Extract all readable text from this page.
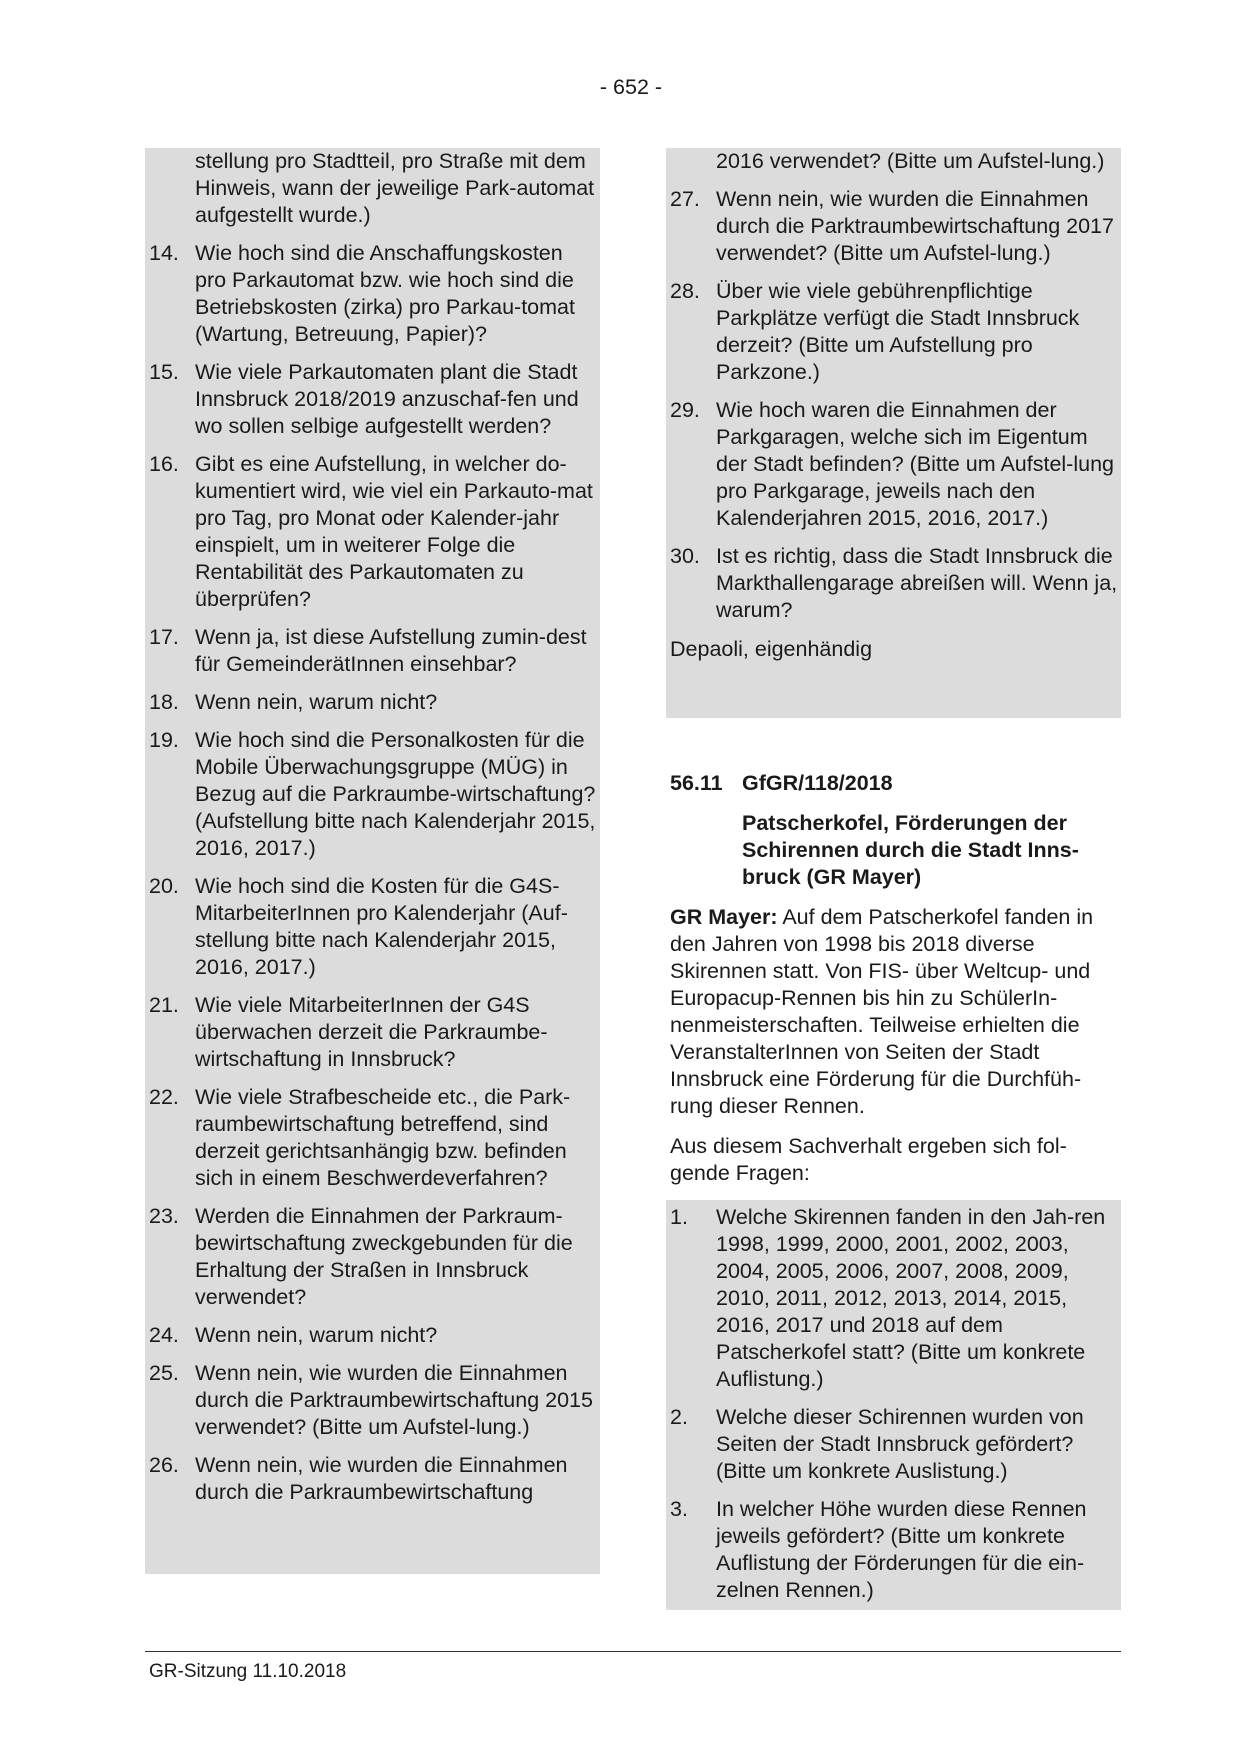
- 652 -

stellung pro Stadtteil, pro Straße mit dem Hinweis, wann der jeweilige Park-automat aufgestellt wurde.)

14. Wie hoch sind die Anschaffungskosten pro Parkautomat bzw. wie hoch sind die Betriebskosten (zirka) pro Parkau-tomat (Wartung, Betreuung, Papier)?
15. Wie viele Parkautomaten plant die Stadt Innsbruck 2018/2019 anzuschaf-fen und wo sollen selbige aufgestellt werden?
16. Gibt es eine Aufstellung, in welcher do-kumentiert wird, wie viel ein Parkauto-mat pro Tag, pro Monat oder Kalender-jahr einspielt, um in weiterer Folge die Rentabilität des Parkautomaten zu überprüfen?
17. Wenn ja, ist diese Aufstellung zumin-dest für GemeinderätInnen einsehbar?
18. Wenn nein, warum nicht?
19. Wie hoch sind die Personalkosten für die Mobile Überwachungsgruppe (MÜG) in Bezug auf die Parkraumbe-wirtschaftung? (Aufstellung bitte nach Kalenderjahr 2015, 2016, 2017.)
20. Wie hoch sind die Kosten für die G4S-MitarbeiterInnen pro Kalenderjahr (Auf-stellung bitte nach Kalenderjahr 2015, 2016, 2017.)
21. Wie viele MitarbeiterInnen der G4S überwachen derzeit die Parkraumbe-wirtschaftung in Innsbruck?
22. Wie viele Strafbescheide etc., die Park-raumbewirtschaftung betreffend, sind derzeit gerichtsanhängig bzw. befinden sich in einem Beschwerdeverfahren?
23. Werden die Einnahmen der Parkraum-bewirtschaftung zweckgebunden für die Erhaltung der Straßen in Innsbruck verwendet?
24. Wenn nein, warum nicht?
25. Wenn nein, wie wurden die Einnahmen durch die Parktraumbewirtschaftung 2015 verwendet? (Bitte um Aufstel-lung.)
26. Wenn nein, wie wurden die Einnahmen durch die Parkraumbewirtschaftung

2016 verwendet? (Bitte um Aufstel-lung.)

27. Wenn nein, wie wurden die Einnahmen durch die Parktraumbewirtschaftung 2017 verwendet? (Bitte um Aufstel-lung.)
28. Über wie viele gebührenpflichtige Parkplätze verfügt die Stadt Innsbruck derzeit? (Bitte um Aufstellung pro Parkzone.)
29. Wie hoch waren die Einnahmen der Parkgaragen, welche sich im Eigentum der Stadt befinden? (Bitte um Aufstel-lung pro Parkgarage, jeweils nach den Kalenderjahren 2015, 2016, 2017.)
30. Ist es richtig, dass die Stadt Innsbruck die Markthallengarage abreißen will. Wenn ja, warum?
Depaoli, eigenhändig
56.11 GfGR/118/2018
Patscherkofel, Förderungen der Schirennen durch die Stadt Inns-bruck (GR Mayer)
GR Mayer: Auf dem Patscherkofel fanden in den Jahren von 1998 bis 2018 diverse Skirennen statt. Von FIS- über Weltcup- und Europacup-Rennen bis hin zu SchülerIn-nenmeisterschaften. Teilweise erhielten die VeranstalterInnen von Seiten der Stadt Innsbruck eine Förderung für die Durchfüh-rung dieser Rennen.
Aus diesem Sachverhalt ergeben sich fol-gende Fragen:
1.	Welche Skirennen fanden in den Jah-ren 1998, 1999, 2000, 2001, 2002, 2003, 2004, 2005, 2006, 2007, 2008, 2009, 2010, 2011, 2012, 2013, 2014, 2015, 2016, 2017 und 2018 auf dem Patscherkofel statt? (Bitte um konkrete Auflistung.)
2.	Welche dieser Schirennen wurden von Seiten der Stadt Innsbruck gefördert? (Bitte um konkrete Auslistung.)
3.	In welcher Höhe wurden diese Rennen jeweils gefördert? (Bitte um konkrete Auflistung der Förderungen für die ein-zelnen Rennen.)
GR-Sitzung 11.10.2018
